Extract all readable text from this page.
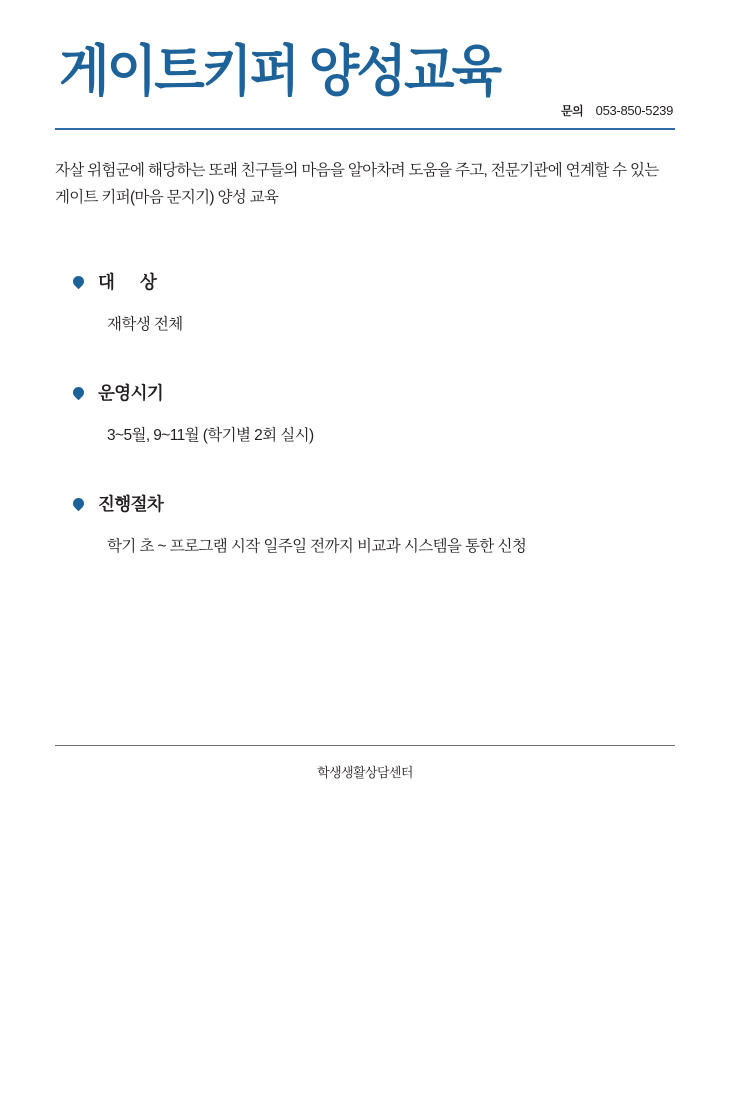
게이트키퍼 양성교육
문의 053-850-5239
자살 위험군에 해당하는 또래 친구들의 마음을 알아차려 도움을 주고, 전문기관에 연계할 수 있는 게이트 키퍼(마음 문지기) 양성 교육
대      상
재학생 전체
운영시기
3~5월, 9~11월 (학기별 2회 실시)
진행절차
학기 초 ~ 프로그램 시작 일주일 전까지 비교과 시스템을 통한 신청
학생생활상담센터
